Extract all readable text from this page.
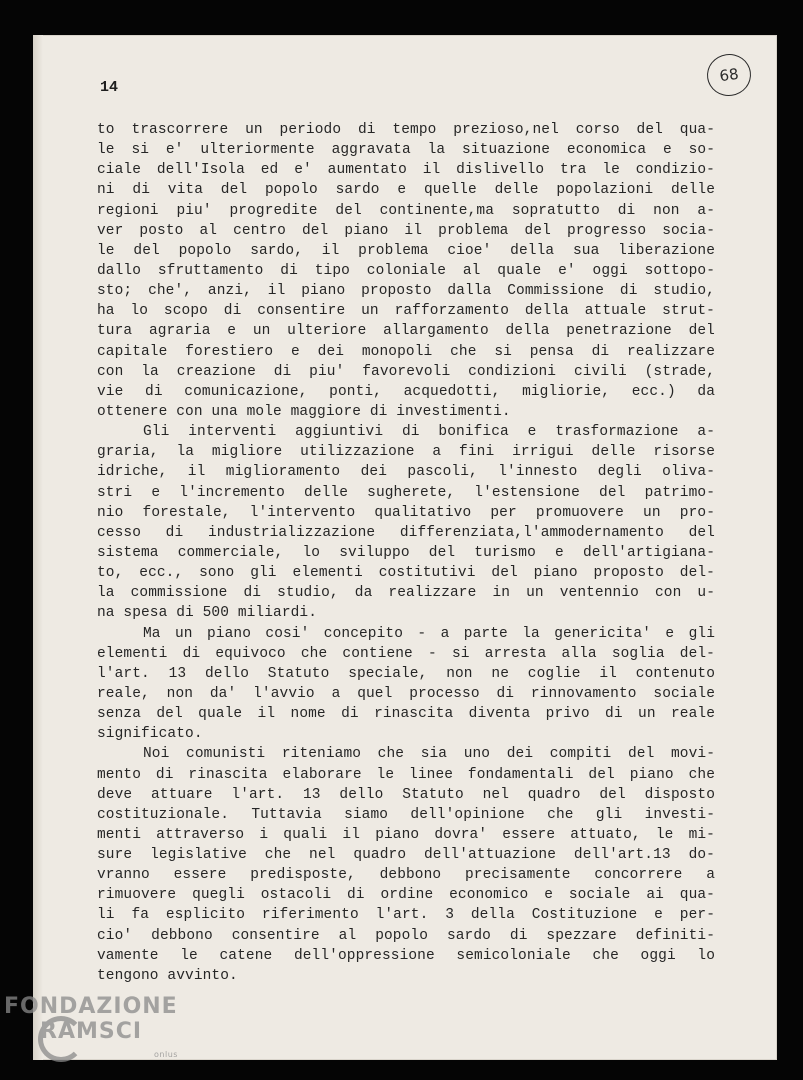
14
68
to trascorrere un periodo di tempo prezioso,nel corso del qua-
le si e' ulteriormente aggravata la situazione economica e so-
ciale dell'Isola ed e' aumentato il dislivello tra le condizio-
ni di vita del popolo sardo e quelle delle popolazioni delle
regioni piu' progredite del continente,ma sopratutto di non a-
ver posto al centro del piano il problema del progresso socia-
le del popolo sardo, il problema cioe' della sua liberazione
dallo sfruttamento di tipo coloniale al quale e' oggi sottopo-
sto; che', anzi, il piano proposto dalla Commissione di studio,
ha lo scopo di consentire un rafforzamento della attuale strut-
tura agraria e un ulteriore allargamento della penetrazione del
capitale forestiero e dei monopoli che si pensa di realizzare
con la creazione di piu' favorevoli condizioni civili (strade,
vie di comunicazione, ponti, acquedotti, migliorie, ecc.) da
ottenere con una mole maggiore di investimenti.
Gli interventi aggiuntivi di bonifica e trasformazione a-
graria, la migliore utilizzazione a fini irrigui delle risorse
idriche, il miglioramento dei pascoli, l'innesto degli oliva-
stri e l'incremento delle sugherete, l'estensione del patrimo-
nio forestale, l'intervento qualitativo per promuovere un pro-
cesso di industrializzazione differenziata,l'ammodernamento del
sistema commerciale, lo sviluppo del turismo e dell'artigiana-
to, ecc., sono gli elementi costitutivi del piano proposto del-
la commissione di studio, da realizzare in un ventennio con u-
na spesa di 500 miliardi.
Ma un piano cosi' concepito - a parte la genericita' e gli
elementi di equivoco che contiene - si arresta alla soglia del-
l'art. 13 dello Statuto speciale, non ne coglie il contenuto
reale, non da' l'avvio a quel processo di rinnovamento sociale
senza del quale il nome di rinascita diventa privo di un reale
significato.
Noi comunisti riteniamo che sia uno dei compiti del movi-
mento di rinascita elaborare le linee fondamentali del piano che
deve attuare l'art. 13 dello Statuto nel quadro del disposto
costituzionale. Tuttavia siamo dell'opinione che gli investi-
menti attraverso i quali il piano dovra' essere attuato, le mi-
sure legislative che nel quadro dell'attuazione dell'art.13 do-
vranno essere predisposte, debbono precisamente concorrere a
rimuovere quegli ostacoli di ordine economico e sociale ai qua-
li fa esplicito riferimento l'art. 3 della Costituzione e per-
cio' debbono consentire al popolo sardo di spezzare definiti-
vamente le catene dell'oppressione semicoloniale che oggi lo
tengono avvinto.
FONDAZIONE
RAMSCI
onlus
